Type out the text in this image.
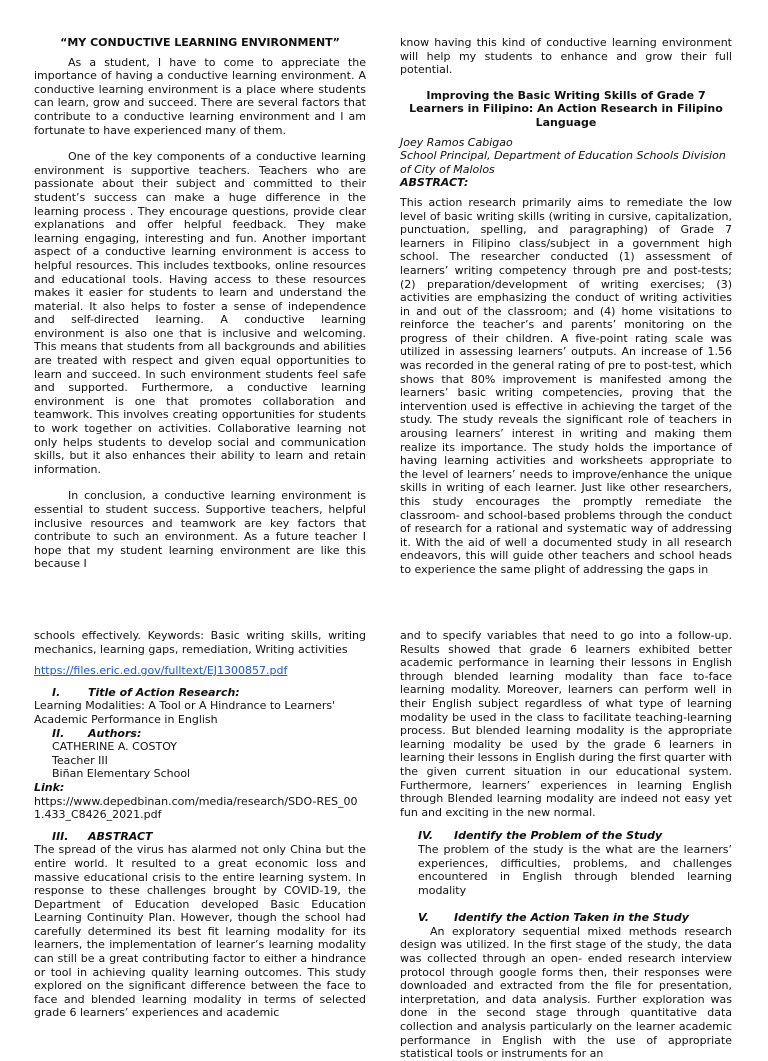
“MY CONDUCTIVE LEARNING ENVIRONMENT”

As a student, I have to come to appreciate the importance of having a conductive learning environment. A conductive learning environment is a place where students can learn, grow and succeed. There are several factors that contribute to a conductive learning environment and I am fortunate to have experienced many of them.

One of the key components of a conductive learning environment is supportive teachers. Teachers who are passionate about their subject and committed to their student’s success can make a huge difference in the learning process . They encourage questions, provide clear explanations and offer helpful feedback. They make learning engaging, interesting and fun. Another important aspect of a conductive learning environment is access to helpful resources. This includes textbooks, online resources and educational tools. Having access to these resources makes it easier for students to learn and understand the material. It also helps to foster a sense of independence and self-directed learning. A conductive learning environment is also one that is inclusive and welcoming. This means that students from all backgrounds and abilities are treated with respect and given equal opportunities to learn and succeed. In such environment students feel safe and supported. Furthermore, a conductive learning environment is one that promotes collaboration and teamwork. This involves creating opportunities for students to work together on activities. Collaborative learning not only helps students to develop social and communication skills, but it also enhances their ability to learn and retain information.

In conclusion, a conductive learning environment is essential to student success. Supportive teachers, helpful inclusive resources and teamwork are key factors that contribute to such an environment. As a future teacher I hope that my student learning environment are like this because I

know having this kind of conductive learning environment will help my students to enhance and grow their full potential.

Improving the Basic Writing Skills of Grade 7 Learners in Filipino: An Action Research in Filipino Language

Joey Ramos Cabigao

School Principal, Department of Education Schools Division of City of Malolos

ABSTRACT:

This action research primarily aims to remediate the low level of basic writing skills (writing in cursive, capitalization, punctuation, spelling, and paragraphing) of Grade 7 learners in Filipino class/subject in a government high school. The researcher conducted (1) assessment of learners’ writing competency through pre and post-tests; (2) preparation/development of writing exercises; (3) activities are emphasizing the conduct of writing activities in and out of the classroom; and (4) home visitations to reinforce the teacher’s and parents’ monitoring on the progress of their children. A five-point rating scale was utilized in assessing learners’ outputs. An increase of 1.56 was recorded in the general rating of pre to post-test, which shows that 80% improvement is manifested among the learners’ basic writing competencies, proving that the intervention used is effective in achieving the target of the study. The study reveals the significant role of teachers in arousing learners’ interest in writing and making them realize its importance. The study holds the importance of having learning activities and worksheets appropriate to the level of learners’ needs to improve/enhance the unique skills in writing of each learner. Just like other researchers, this study encourages the promptly remediate the classroom- and school-based problems through the conduct of research for a rational and systematic way of addressing it. With the aid of well a documented study in all research endeavors, this will guide other teachers and school heads to experience the same plight of addressing the gaps in

schools effectively. Keywords: Basic writing skills, writing mechanics, learning gaps, remediation, Writing activities

https://files.eric.ed.gov/fulltext/EJ1300857.pdf
I.	Title of Action Research:

Learning Modalities: A Tool or A Hindrance to Learners' Academic Performance in English

II. Authors:

CATHERINE A. COSTOY

Teacher III

Biñan Elementary School

Link:

https://www.depedbinan.com/media/research/SDO-RES_001.433_C8426_2021.pdf

III. ABSTRACT

The spread of the virus has alarmed not only China but the entire world. It resulted to a great economic loss and massive educational crisis to the entire learning system. In response to these challenges brought by COVID-19, the Department of Education developed Basic Education Learning Continuity Plan. However, though the school had carefully determined its best fit learning modality for its learners, the implementation of learner’s learning modality can still be a great contributing factor to either a hindrance or tool in achieving quality learning outcomes. This study explored on the significant difference between the face to face and blended learning modality in terms of selected grade 6 learners’ experiences and academic

and to specify variables that need to go into a follow-up. Results showed that grade 6 learners exhibited better academic performance in learning their lessons in English through blended learning modality than face to-face learning modality. Moreover, learners can perform well in their English subject regardless of what type of learning modality be used in the class to facilitate teaching-learning process. But blended learning modality is the appropriate learning modality be used by the grade 6 learners in learning their lessons in English during the first quarter with the given current situation in our educational system. Furthermore, learners’ experiences in learning English through Blended learning modality are indeed not easy yet fun and exciting in the new normal.

IV. Identify the Problem of the Study

The problem of the study is the what are the learners’ experiences, difficulties, problems, and challenges encountered in English through blended learning modality

V. Identify the Action Taken in the Study

An exploratory sequential mixed methods research design was utilized. In the first stage of the study, the data was collected through an open- ended research interview protocol through google forms then, their responses were downloaded and extracted from the file for presentation, interpretation, and data analysis. Further exploration was done in the second stage through quantitative data collection and analysis particularly on the learner academic performance in English with the use of appropriate statistical tools or instruments for an
